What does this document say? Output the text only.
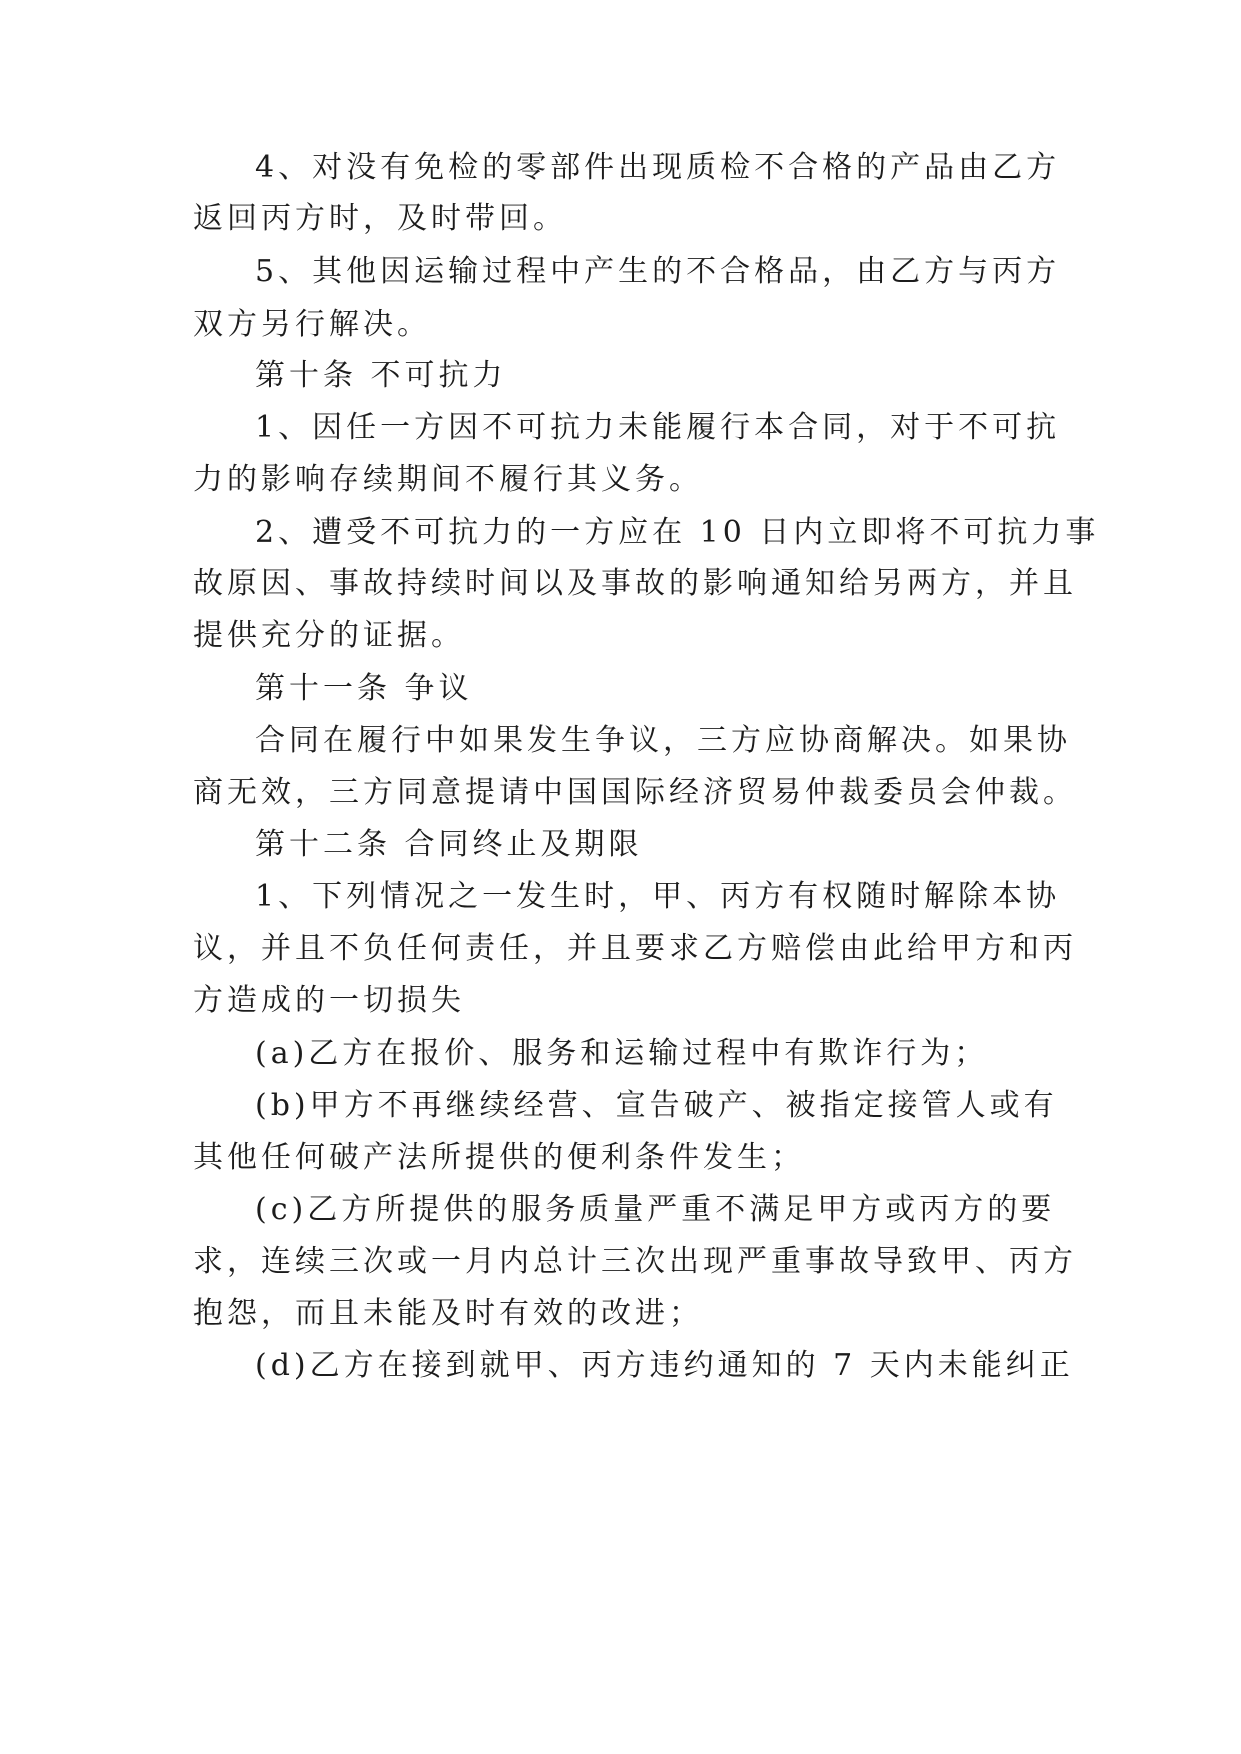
4、对没有免检的零部件出现质检不合格的产品由乙方
返回丙方时，及时带回。
5、其他因运输过程中产生的不合格品，由乙方与丙方
双方另行解决。
第十条 不可抗力
1、因任一方因不可抗力未能履行本合同，对于不可抗
力的影响存续期间不履行其义务。
2、遭受不可抗力的一方应在 10 日内立即将不可抗力事
故原因、事故持续时间以及事故的影响通知给另两方，并且
提供充分的证据。
第十一条 争议
合同在履行中如果发生争议，三方应协商解决。如果协
商无效，三方同意提请中国国际经济贸易仲裁委员会仲裁。
第十二条 合同终止及期限
1、下列情况之一发生时，甲、丙方有权随时解除本协
议，并且不负任何责任，并且要求乙方赔偿由此给甲方和丙
方造成的一切损失
(a)乙方在报价、服务和运输过程中有欺诈行为；
(b)甲方不再继续经营、宣告破产、被指定接管人或有
其他任何破产法所提供的便利条件发生；
(c)乙方所提供的服务质量严重不满足甲方或丙方的要
求，连续三次或一月内总计三次出现严重事故导致甲、丙方
抱怨，而且未能及时有效的改进；
(d)乙方在接到就甲、丙方违约通知的 7 天内未能纠正
